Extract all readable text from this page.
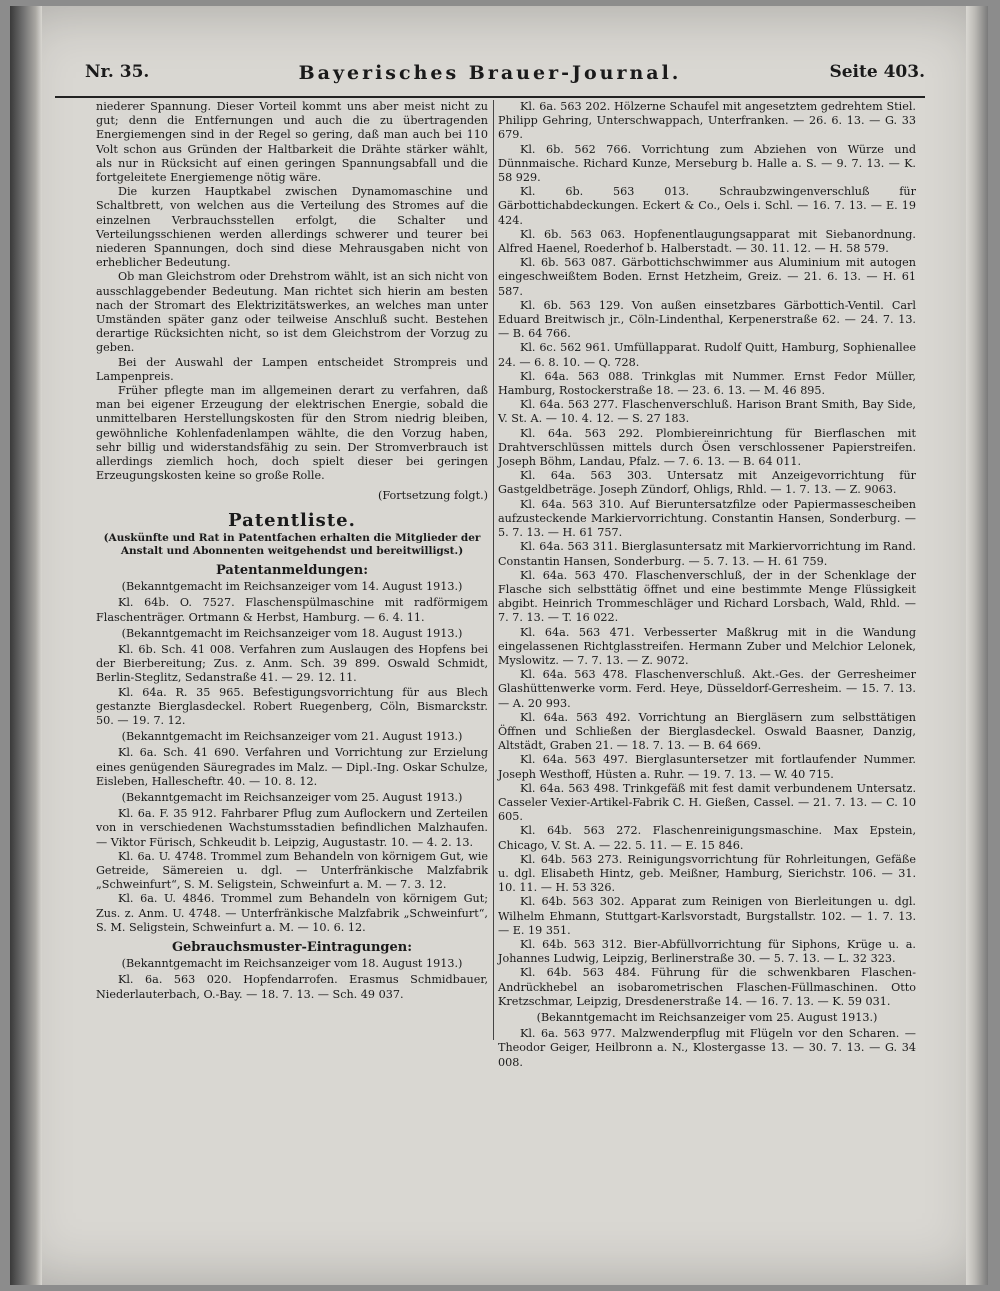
Nr. 35.	Bayerisches Brauer-Journal.	Seite 403.

niederer Spannung. Dieser Vorteil kommt uns aber meist nicht zu gut; denn die Entfernungen und auch die zu übertragenden Energiemengen sind in der Regel so gering, daß man auch bei 110 Volt schon aus Gründen der Haltbarkeit die Drähte stärker wählt, als nur in Rücksicht auf einen geringen Spannungsabfall und die fortgeleitete Energiemenge nötig wäre.

Die kurzen Hauptkabel zwischen Dynamomaschine und Schaltbrett, von welchen aus die Verteilung des Stromes auf die einzelnen Verbrauchsstellen erfolgt, die Schalter und Verteilungsschienen werden allerdings schwerer und teurer bei niederen Spannungen, doch sind diese Mehrausgaben nicht von erheblicher Bedeutung.

Ob man Gleichstrom oder Drehstrom wählt, ist an sich nicht von ausschlaggebender Bedeutung. Man richtet sich hierin am besten nach der Stromart des Elektrizitätswerkes, an welches man unter Umständen später ganz oder teilweise Anschluß sucht. Bestehen derartige Rücksichten nicht, so ist dem Gleichstrom der Vorzug zu geben.

Bei der Auswahl der Lampen entscheidet Strompreis und Lampenpreis.

Früher pflegte man im allgemeinen derart zu verfahren, daß man bei eigener Erzeugung der elektrischen Energie, sobald die unmittelbaren Herstellungskosten für den Strom niedrig bleiben, gewöhnliche Kohlenfadenlampen wählte, die den Vorzug haben, sehr billig und widerstandsfähig zu sein. Der Stromverbrauch ist allerdings ziemlich hoch, doch spielt dieser bei geringen Erzeugungskosten keine so große Rolle.

(Fortsetzung folgt.)

Patentliste.
(Auskünfte und Rat in Patentfachen erhalten die Mitglieder der Anstalt und Abonnenten weitgehendst und bereitwilligst.)
Patentanmeldungen:
(Bekanntgemacht im Reichsanzeiger vom 14. August 1913.)

Kl. 64b. O. 7527. Flaschenspülmaschine mit radförmigem Flaschenträger. Ortmann & Herbst, Hamburg. — 6. 4. 11.

(Bekanntgemacht im Reichsanzeiger vom 18. August 1913.)

Kl. 6b. Sch. 41 008. Verfahren zum Auslaugen des Hopfens bei der Bierbereitung; Zus. z. Anm. Sch. 39 899. Oswald Schmidt, Berlin-Steglitz, Sedanstraße 41. — 29. 12. 11.

Kl. 64a. R. 35 965. Befestigungsvorrichtung für aus Blech gestanzte Bierglasdeckel. Robert Ruegenberg, Cöln, Bismarckstr. 50. — 19. 7. 12.

(Bekanntgemacht im Reichsanzeiger vom 21. August 1913.)

Kl. 6a. Sch. 41 690. Verfahren und Vorrichtung zur Erzielung eines genügenden Säuregrades im Malz. — Dipl.-Ing. Oskar Schulze, Eisleben, Hallescheftr. 40. — 10. 8. 12.

(Bekanntgemacht im Reichsanzeiger vom 25. August 1913.)

Kl. 6a. F. 35 912. Fahrbarer Pflug zum Auflockern und Zerteilen von in verschiedenen Wachstumsstadien befindlichen Malzhaufen. — Viktor Fürisch, Schkeudit b. Leipzig, Augustastr. 10. — 4. 2. 13.

Kl. 6a. U. 4748. Trommel zum Behandeln von körnigem Gut, wie Getreide, Sämereien u. dgl. — Unterfränkische Malzfabrik „Schweinfurt“, S. M. Seligstein, Schweinfurt a. M. — 7. 3. 12.

Kl. 6a. U. 4846. Trommel zum Behandeln von körnigem Gut; Zus. z. Anm. U. 4748. — Unterfränkische Malzfabrik „Schweinfurt“, S. M. Seligstein, Schweinfurt a. M. — 10. 6. 12.

Gebrauchsmuster-Eintragungen:
(Bekanntgemacht im Reichsanzeiger vom 18. August 1913.)

Kl. 6a. 563 020. Hopfendarrofen. Erasmus Schmidbauer, Niederlauterbach, O.-Bay. — 18. 7. 13. — Sch. 49 037.

Kl. 6a. 563 202. Hölzerne Schaufel mit angesetztem gedrehtem Stiel. Philipp Gehring, Unterschwappach, Unterfranken. — 26. 6. 13. — G. 33 679.

Kl. 6b. 562 766. Vorrichtung zum Abziehen von Würze und Dünnmaische. Richard Kunze, Merseburg b. Halle a. S. — 9. 7. 13. — K. 58 929.

Kl. 6b. 563 013. Schraubzwingenverschluß für Gärbottichabdeckungen. Eckert & Co., Oels i. Schl. — 16. 7. 13. — E. 19 424.

Kl. 6b. 563 063. Hopfenentlaugungsapparat mit Siebanordnung. Alfred Haenel, Roederhof b. Halberstadt. — 30. 11. 12. — H. 58 579.

Kl. 6b. 563 087. Gärbottichschwimmer aus Aluminium mit autogen eingeschweißtem Boden. Ernst Hetzheim, Greiz. — 21. 6. 13. — H. 61 587.

Kl. 6b. 563 129. Von außen einsetzbares Gärbottich-Ventil. Carl Eduard Breitwisch jr., Cöln-Lindenthal, Kerpenerstraße 62. — 24. 7. 13. — B. 64 766.

Kl. 6c. 562 961. Umfüllapparat. Rudolf Quitt, Hamburg, Sophienallee 24. — 6. 8. 10. — Q. 728.

Kl. 64a. 563 088. Trinkglas mit Nummer. Ernst Fedor Müller, Hamburg, Rostockerstraße 18. — 23. 6. 13. — M. 46 895.

Kl. 64a. 563 277. Flaschenverschluß. Harison Brant Smith, Bay Side, V. St. A. — 10. 4. 12. — S. 27 183.

Kl. 64a. 563 292. Plombiereinrichtung für Bierflaschen mit Drahtverschlüssen mittels durch Ösen verschlossener Papierstreifen. Joseph Böhm, Landau, Pfalz. — 7. 6. 13. — B. 64 011.

Kl. 64a. 563 303. Untersatz mit Anzeigevorrichtung für Gastgeldbeträge. Joseph Zündorf, Ohligs, Rhld. — 1. 7. 13. — Z. 9063.

Kl. 64a. 563 310. Auf Bieruntersatzfilze oder Papiermassescheiben aufzusteckende Markiervorrichtung. Constantin Hansen, Sonderburg. — 5. 7. 13. — H. 61 757.

Kl. 64a. 563 311. Bierglasuntersatz mit Markiervorrichtung im Rand. Constantin Hansen, Sonderburg. — 5. 7. 13. — H. 61 759.

Kl. 64a. 563 470. Flaschenverschluß, der in der Schenklage der Flasche sich selbsttätig öffnet und eine bestimmte Menge Flüssigkeit abgibt. Heinrich Trommeschläger und Richard Lorsbach, Wald, Rhld. — 7. 7. 13. — T. 16 022.

Kl. 64a. 563 471. Verbesserter Maßkrug mit in die Wandung eingelassenen Richtglasstreifen. Hermann Zuber und Melchior Lelonek, Myslowitz. — 7. 7. 13. — Z. 9072.

Kl. 64a. 563 478. Flaschenverschluß. Akt.-Ges. der Gerresheimer Glashüttenwerke vorm. Ferd. Heye, Düsseldorf-Gerresheim. — 15. 7. 13. — A. 20 993.

Kl. 64a. 563 492. Vorrichtung an Biergläsern zum selbsttätigen Öffnen und Schließen der Bierglasdeckel. Oswald Baasner, Danzig, Altstädt, Graben 21. — 18. 7. 13. — B. 64 669.

Kl. 64a. 563 497. Bierglasuntersetzer mit fortlaufender Nummer. Joseph Westhoff, Hüsten a. Ruhr. — 19. 7. 13. — W. 40 715.

Kl. 64a. 563 498. Trinkgefäß mit fest damit verbundenem Untersatz. Casseler Vexier-Artikel-Fabrik C. H. Gießen, Cassel. — 21. 7. 13. — C. 10 605.

Kl. 64b. 563 272. Flaschenreinigungsmaschine. Max Epstein, Chicago, V. St. A. — 22. 5. 11. — E. 15 846.

Kl. 64b. 563 273. Reinigungsvorrichtung für Rohrleitungen, Gefäße u. dgl. Elisabeth Hintz, geb. Meißner, Hamburg, Sierichstr. 106. — 31. 10. 11. — H. 53 326.

Kl. 64b. 563 302. Apparat zum Reinigen von Bierleitungen u. dgl. Wilhelm Ehmann, Stuttgart-Karlsvorstadt, Burgstallstr. 102. — 1. 7. 13. — E. 19 351.

Kl. 64b. 563 312. Bier-Abfüllvorrichtung für Siphons, Krüge u. a. Johannes Ludwig, Leipzig, Berlinerstraße 30. — 5. 7. 13. — L. 32 323.

Kl. 64b. 563 484. Führung für die schwenkbaren Flaschen-Andrückhebel an isobarometrischen Flaschen-Füllmaschinen. Otto Kretzschmar, Leipzig, Dresdenerstraße 14. — 16. 7. 13. — K. 59 031.

(Bekanntgemacht im Reichsanzeiger vom 25. August 1913.)

Kl. 6a. 563 977. Malzwenderpflug mit Flügeln vor den Scharen. — Theodor Geiger, Heilbronn a. N., Klostergasse 13. — 30. 7. 13. — G. 34 008.
